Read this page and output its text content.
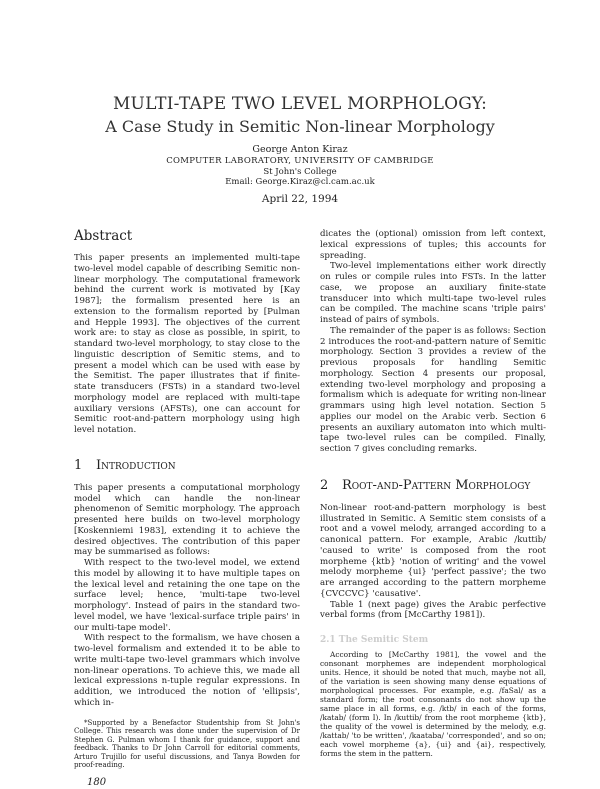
MULTI-TAPE TWO LEVEL MORPHOLOGY:
A Case Study in Semitic Non-linear Morphology
George Anton Kiraz
COMPUTER LABORATORY, UNIVERSITY OF CAMBRIDGE
St John's College
Email: George.Kiraz@cl.cam.ac.uk
April 22, 1994
Abstract

This paper presents an implemented multi-tape two-level model capable of describing Semitic non-linear morphology. The computational framework behind the current work is motivated by [Kay 1987]; the formalism presented here is an extension to the formalism reported by [Pulman and Hepple 1993]. The objectives of the current work are: to stay as close as possible, in spirit, to standard two-level morphology, to stay close to the linguistic description of Semitic stems, and to present a model which can be used with ease by the Semitist. The paper illustrates that if finite-state transducers (FSTs) in a standard two-level morphology model are replaced with multi-tape auxiliary versions (AFSTs), one can account for Semitic root-and-pattern morphology using high level notation.

1 Introduction

This paper presents a computational morphology model which can handle the non-linear phenomenon of Semitic morphology. The approach presented here builds on two-level morphology [Koskenniemi 1983], extending it to achieve the desired objectives. The contribution of this paper may be summarised as follows:

With respect to the two-level model, we extend this model by allowing it to have multiple tapes on the lexical level and retaining the one tape on the surface level; hence, 'multi-tape two-level morphology'. Instead of pairs in the standard two-level model, we have 'lexical-surface triple pairs' in our multi-tape model'.

With respect to the formalism, we have chosen a two-level formalism and extended it to be able to write multi-tape two-level grammars which involve non-linear operations. To achieve this, we made all lexical expressions n-tuple regular expressions. In addition, we introduced the notion of 'ellipsis', which in-

*Supported by a Benefactor Studentship from St John's College. This research was done under the supervision of Dr Stephen G. Pulman whom I thank for guidance, support and feedback. Thanks to Dr John Carroll for editorial comments, Arturo Trujillo for useful discussions, and Tanya Bowden for proof-reading.

180

dicates the (optional) omission from left context, lexical expressions of tuples; this accounts for spreading.

Two-level implementations either work directly on rules or compile rules into FSTs. In the latter case, we propose an auxiliary finite-state transducer into which multi-tape two-level rules can be compiled. The machine scans 'triple pairs' instead of pairs of symbols.

The remainder of the paper is as follows: Section 2 introduces the root-and-pattern nature of Semitic morphology. Section 3 provides a review of the previous proposals for handling Semitic morphology. Section 4 presents our proposal, extending two-level morphology and proposing a formalism which is adequate for writing non-linear grammars using high level notation. Section 5 applies our model on the Arabic verb. Section 6 presents an auxiliary automaton into which multi-tape two-level rules can be compiled. Finally, section 7 gives concluding remarks.

2 Root-and-Pattern Morphology

Non-linear root-and-pattern morphology is best illustrated in Semitic. A Semitic stem consists of a root and a vowel melody, arranged according to a canonical pattern. For example, Arabic /kuttib/ 'caused to write' is composed from the root morpheme {ktb} 'notion of writing' and the vowel melody morpheme {ui} 'perfect passive'; the two are arranged according to the pattern morpheme {CVCCVC} 'causative'.

Table 1 (next page) gives the Arabic perfective verbal forms (from [McCarthy 1981]).

2.1 The Semitic Stem

According to [McCarthy 1981], the vowel and the consonant morphemes are independent morphological units. Hence, it should be noted that much, maybe not all, of the variation is seen showing many dense equations of morphological processes. For example, e.g. /faSal/ as a standard form; the root consonants do not show up the same place in all forms, e.g. /ktb/ in each of the forms, /katab/ (form I). In /kuttib/ from the root morpheme {ktb}, the quality of the vowel is determined by the melody, e.g. /kattab/ 'to be written', /kaataba/ 'corresponded', and so on; each vowel morpheme {a}, {ui} and {ai}, respectively, forms the stem in the pattern.
